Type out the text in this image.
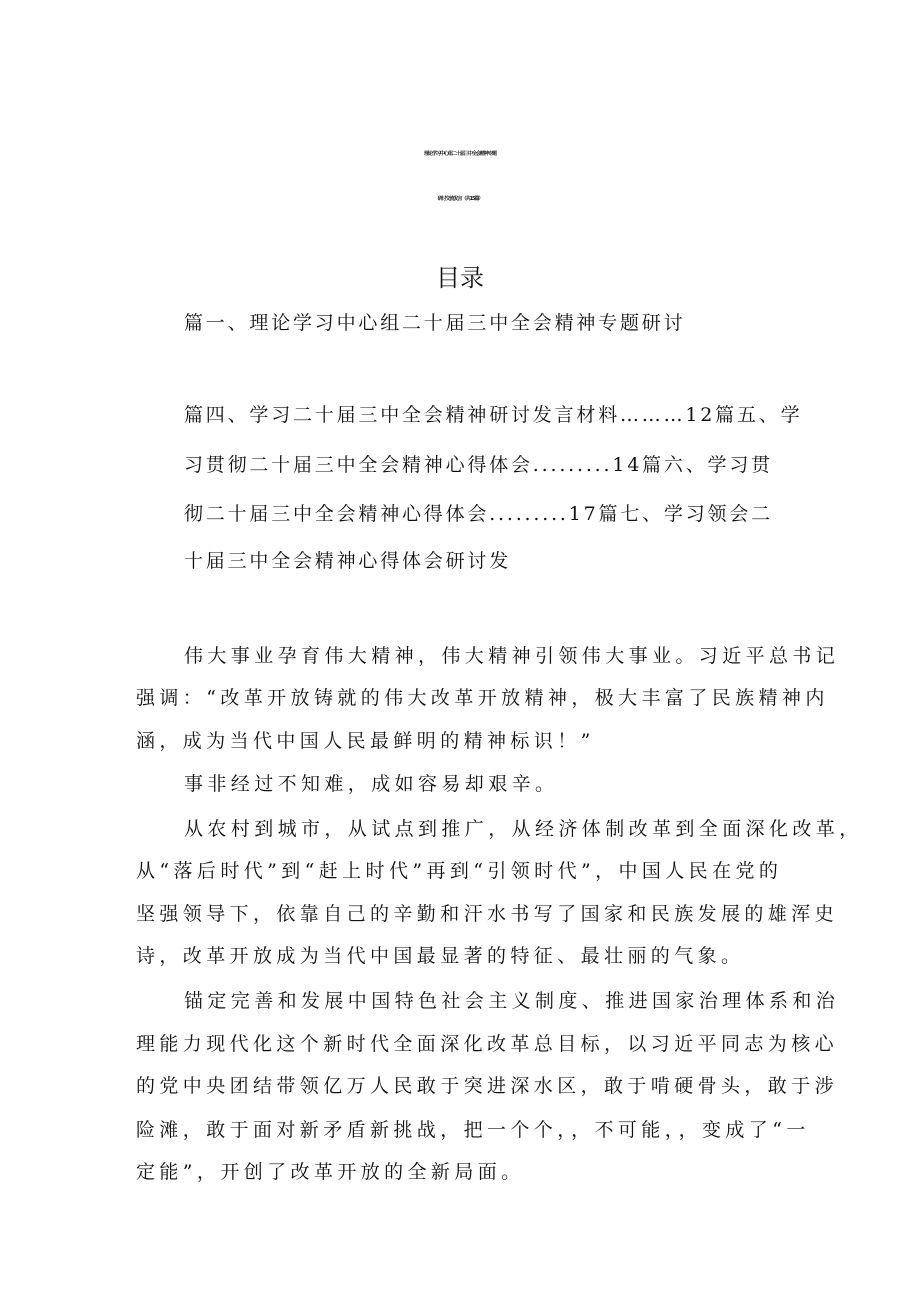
理论学习中心组二十届三中全会精神专题
研讨交流发言（共15篇）
目录
篇一、理论学习中心组二十届三中全会精神专题研讨
篇四、学习二十届三中全会精神研讨发言材料………12篇五、学
习贯彻二十届三中全会精神心得体会.........14篇六、学习贯
彻二十届三中全会精神心得体会.........17篇七、学习领会二
十届三中全会精神心得体会研讨发
伟大事业孕育伟大精神，伟大精神引领伟大事业。习近平总书记
强调：“改革开放铸就的伟大改革开放精神，极大丰富了民族精神内
涵，成为当代中国人民最鲜明的精神标识！”
事非经过不知难，成如容易却艰辛。
从农村到城市，从试点到推广，从经济体制改革到全面深化改革，
从“落后时代”到“赶上时代”再到“引领时代”，中国人民在党的
坚强领导下，依靠自己的辛勤和汗水书写了国家和民族发展的雄浑史
诗，改革开放成为当代中国最显著的特征、最壮丽的气象。
锚定完善和发展中国特色社会主义制度、推进国家治理体系和治
理能力现代化这个新时代全面深化改革总目标，以习近平同志为核心
的党中央团结带领亿万人民敢于突进深水区，敢于啃硬骨头，敢于涉
险滩，敢于面对新矛盾新挑战，把一个个，，不可能，，变成了“一
定能”，开创了改革开放的全新局面。
